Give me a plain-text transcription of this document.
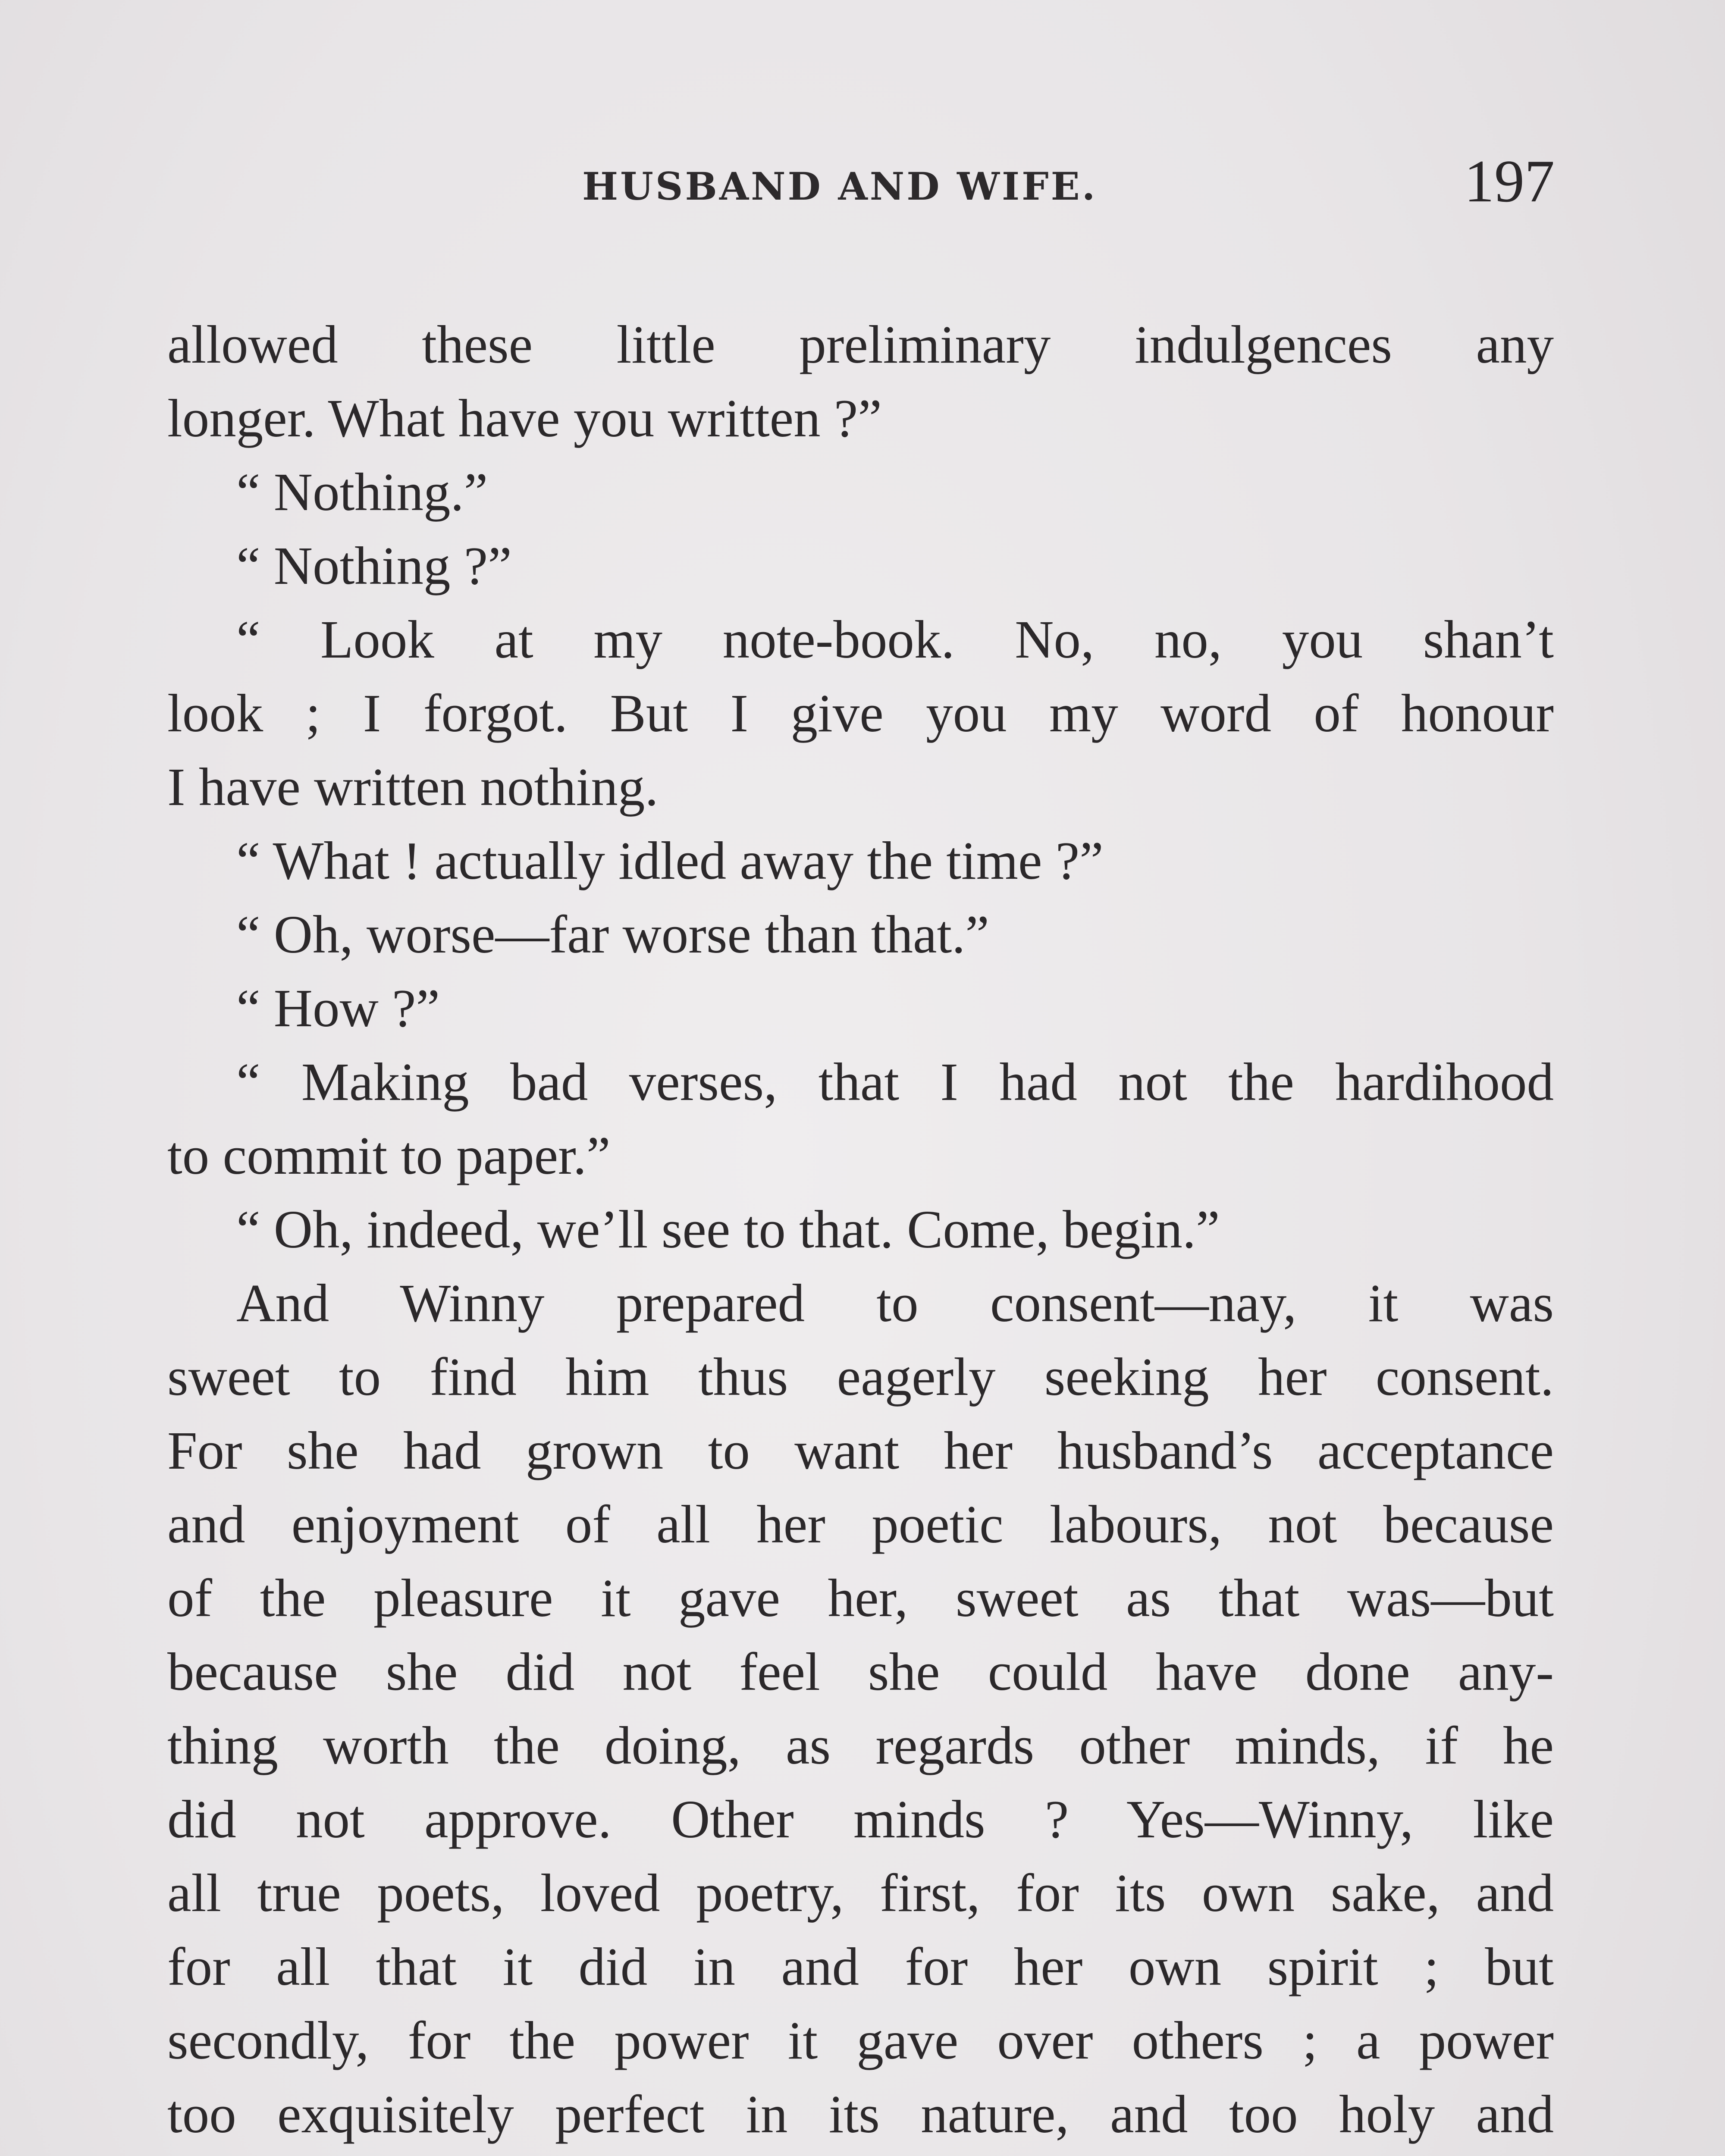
HUSBAND AND WIFE.	197
allowed these little preliminary indulgences any
longer. What have you written ?”
“ Nothing.”
“ Nothing ?”
“ Look at my note-book. No, no, you shan’t
look ; I forgot. But I give you my word of honour
I have written nothing.
“ What ! actually idled away the time ?”
“ Oh, worse—far worse than that.”
“ How ?”
“ Making bad verses, that I had not the hardihood
to commit to paper.”
“ Oh, indeed, we’ll see to that. Come, begin.”
And Winny prepared to consent—nay, it was
sweet to find him thus eagerly seeking her consent.
For she had grown to want her husband’s acceptance
and enjoyment of all her poetic labours, not because
of the pleasure it gave her, sweet as that was—but
because she did not feel she could have done any-
thing worth the doing, as regards other minds, if he
did not approve. Other minds ? Yes—Winny, like
all true poets, loved poetry, first, for its own sake, and
for all that it did in and for her own spirit ; but
secondly, for the power it gave over others ; a power
too exquisitely perfect in its nature, and too holy and
